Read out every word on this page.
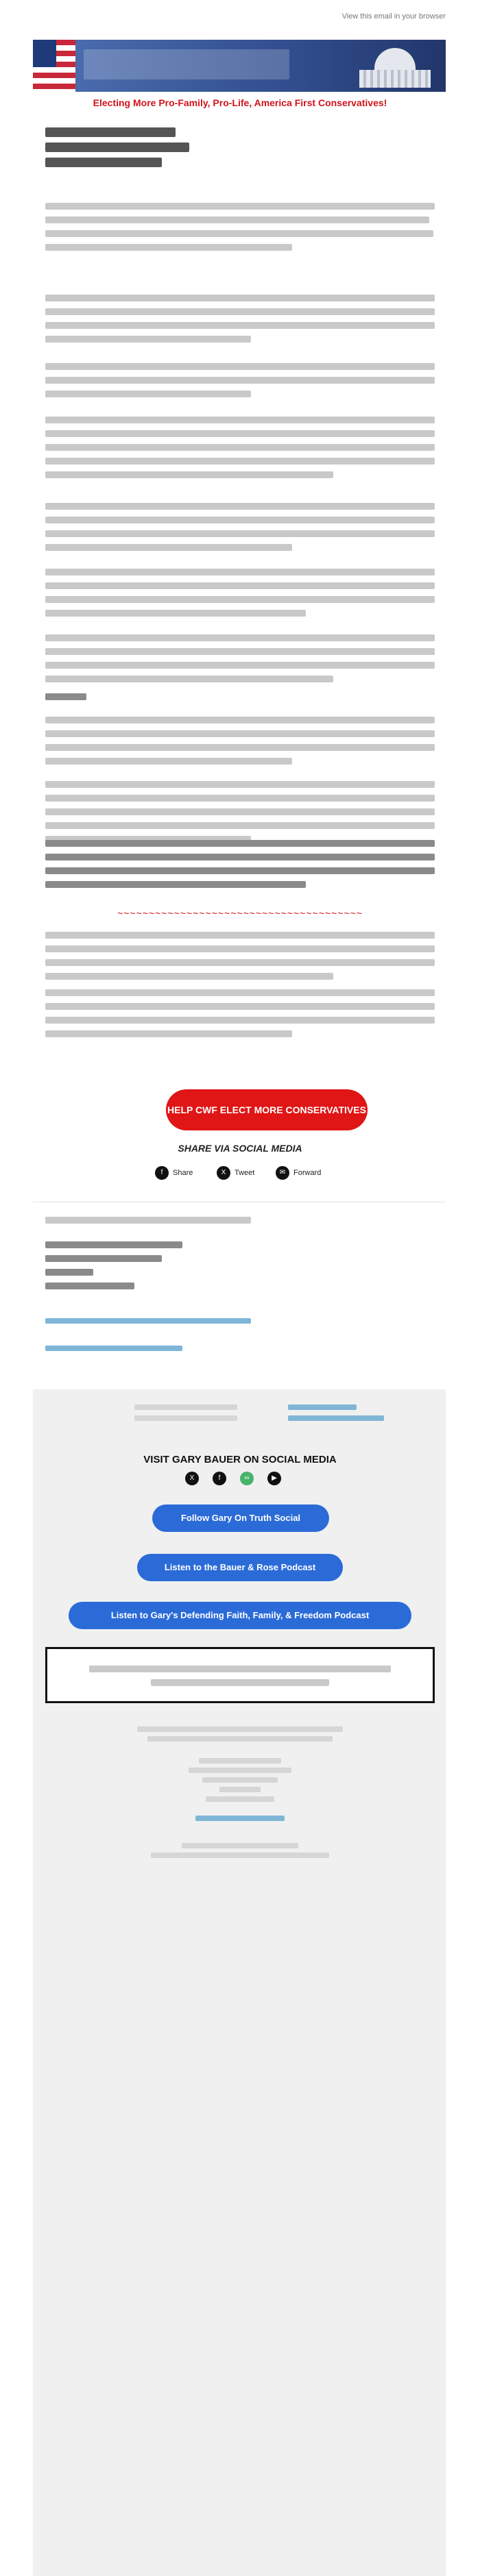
View this email in your browser
Electing More Pro-Family, Pro-Life, America First Conservatives!
~~~~~~~~~~~~~~~~~~~~~~~~~~~~~~~~~~~~~~~
HELP CWF ELECT MORE CONSERVATIVES
SHARE VIA SOCIAL MEDIA
f	Share	X	Tweet	✉	Forward
VISIT GARY BAUER ON SOCIAL MEDIA
X	f	∞	▶
Follow Gary On Truth Social
Listen to the Bauer & Rose Podcast
Listen to Gary's Defending Faith, Family, & Freedom Podcast
